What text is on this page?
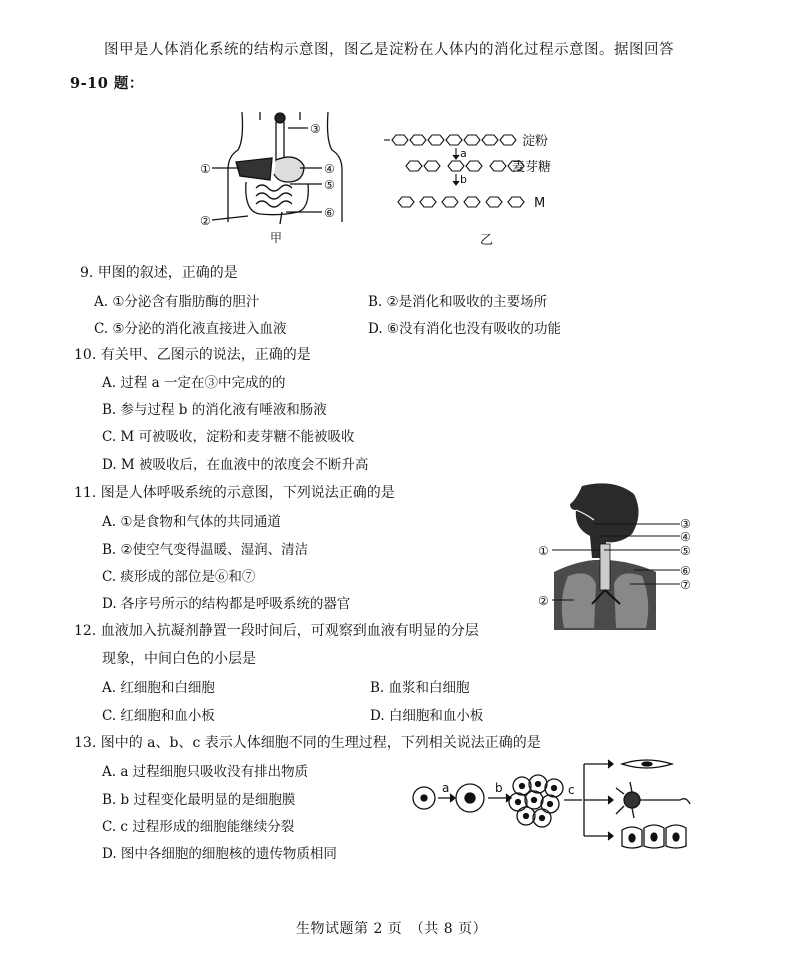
图甲是人体消化系统的结构示意图，图乙是淀粉在人体内的消化过程示意图。据图回答
9-10 题：
③
①	④
⑤
②
⑥
甲
淀粉
a
麦芽糖
b
M
乙
9. 甲图的叙述，正确的是
A. ①分泌含有脂肪酶的胆汁	B. ②是消化和吸收的主要场所
C. ⑤分泌的消化液直接进入血液	D. ⑥没有消化也没有吸收的功能
10. 有关甲、乙图示的说法，正确的是
A. 过程 a 一定在③中完成的的
B. 参与过程 b 的消化液有唾液和肠液
C. M 可被吸收，淀粉和麦芽糖不能被吸收
D. M 被吸收后，在血液中的浓度会不断升高
11. 图是人体呼吸系统的示意图，下列说法正确的是
A. ①是食物和气体的共同通道
B. ②使空气变得温暖、湿润、清洁
C. 痰形成的部位是⑥和⑦
D. 各序号所示的结构都是呼吸系统的器官
③
④
⑤
⑥
⑦
①
②
12. 血液加入抗凝剂静置一段时间后，可观察到血液有明显的分层
现象，中间白色的小层是
A. 红细胞和白细胞	B. 血浆和白细胞
C. 红细胞和血小板	D. 白细胞和血小板
13. 图中的 a、b、c 表示人体细胞不同的生理过程，下列相关说法正确的是
A. a 过程细胞只吸收没有排出物质
B. b 过程变化最明显的是细胞膜
C. c 过程形成的细胞能继续分裂
D. 图中各细胞的细胞核的遗传物质相同
a	b	c
生物试题第 2 页　（共 8 页）
